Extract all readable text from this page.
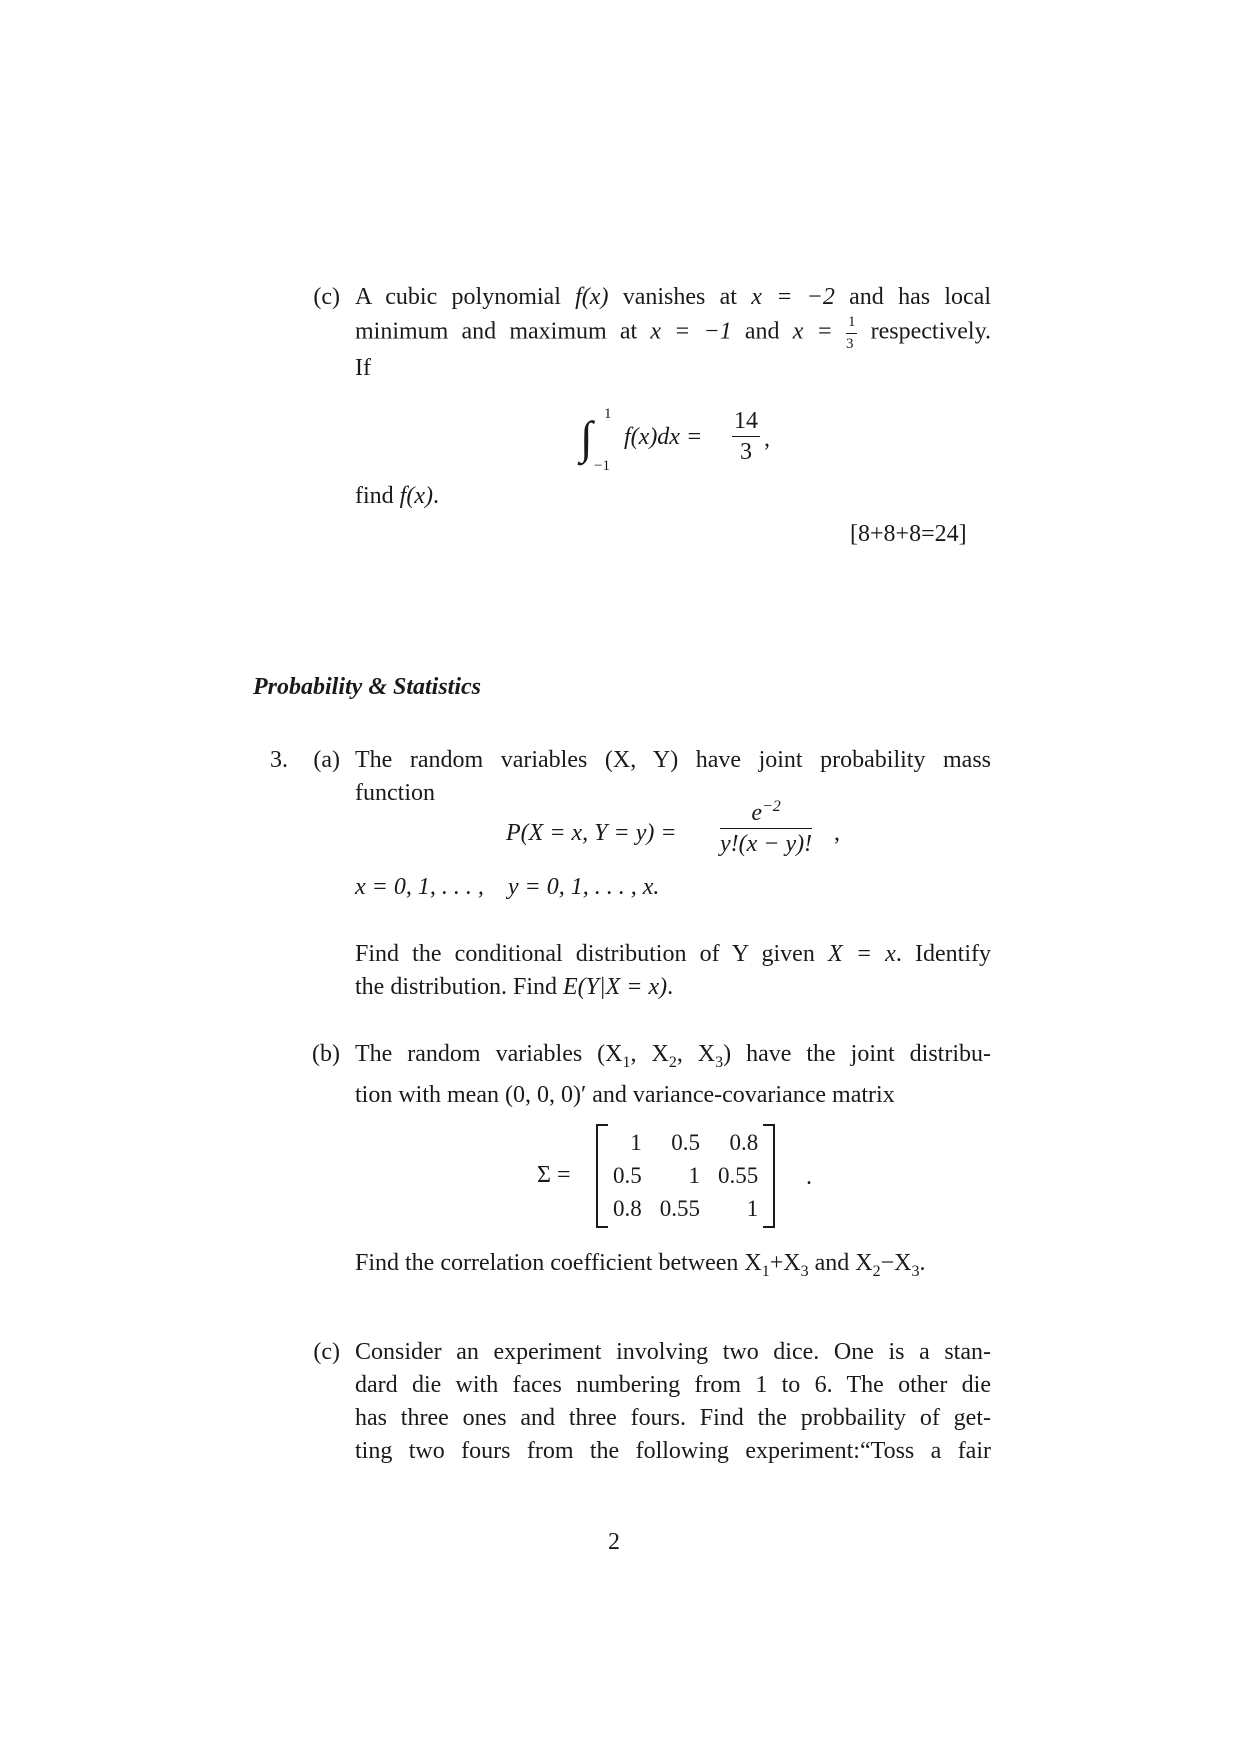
(c) A cubic polynomial f(x) vanishes at x = −2 and has local
minimum and maximum at x = −1 and $x = \frac{1}{3}$ respectively.
If
∫ 1
−1
$f(x)dx = \frac{14}{3}$ ,
find f(x).
[8+8+8=24]
Probability & Statistics
3.	(a) The random variables (X, Y) have joint probability mass
function
P(X = x, $Y = y) = \frac{e^{-2}}{y!(x - y)!}$ ,
x = 0, 1, . . . ,    y = 0, 1, . . . , x.
Find the conditional distribution of Y given X = x. Identify
the distribution. Find E(Y|X = x).
(b) The random variables ($X_1$, $X_2$, $X_3$) have the joint distribu-
tion with mean (0, 0, 0)′ and variance-covariance matrix
Σ =
1	0.5	0.8
0.5	1	0.55
0.8	0.55	1
.
Find the correlation coefficient between $X_1+X_3$ and $X_2-X_3$.
(c) Consider an experiment involving two dice. One is a stan-
dard die with faces numbering from 1 to 6. The other die
has three ones and three fours. Find the probbaility of get-
ting two fours from the following experiment:“Toss a fair
2
